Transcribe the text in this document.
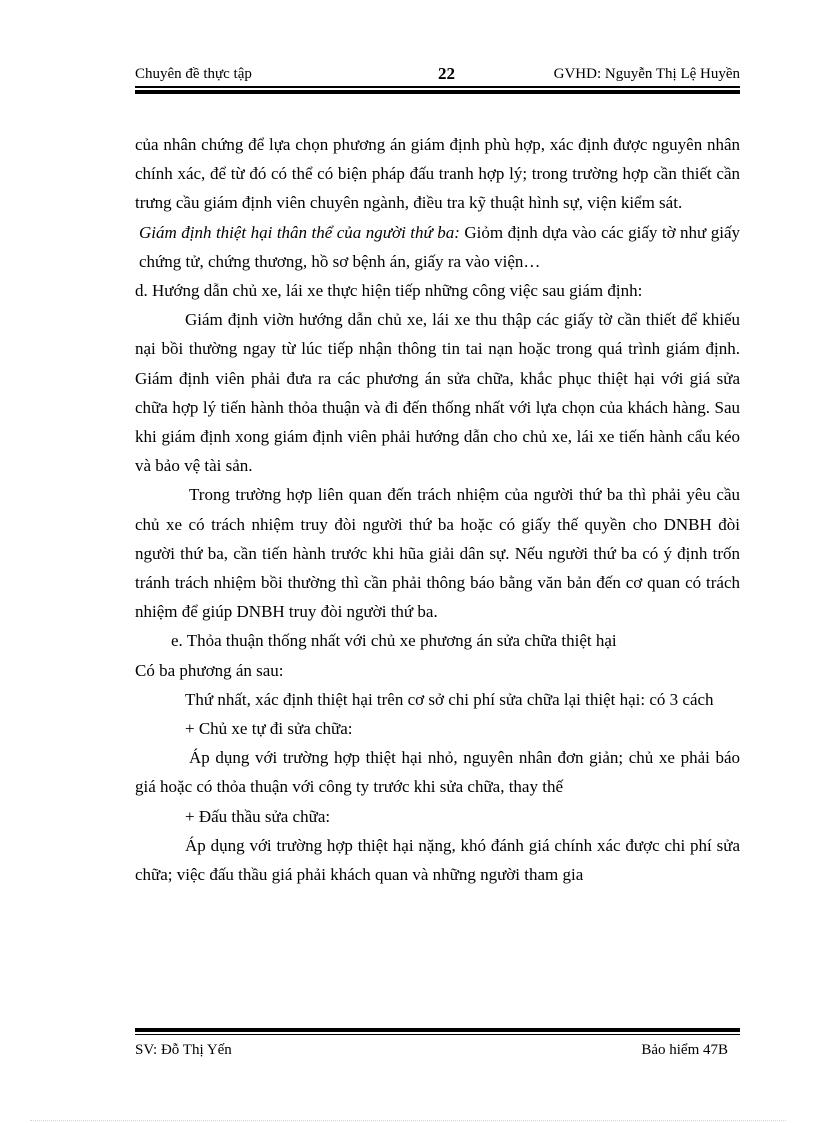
Chuyên đề thực tập	22	GVHD: Nguyễn Thị Lệ Huyền

của nhân chứng để lựa chọn phương án giám định phù hợp, xác định được nguyên nhân chính xác, để từ đó có thể có biện pháp đấu tranh hợp lý; trong trường hợp cần thiết cần trưng cầu giám định viên chuyên ngành, điều tra kỹ thuật hình sự, viện kiểm sát.

Giám định thiệt hại thân thể của người thứ ba: Giỏm định dựa vào các giấy tờ như giấy chứng tử, chứng thương, hồ sơ bệnh án, giấy ra vào viện…

d. Hướng dẫn chủ xe, lái xe thực hiện tiếp những công việc sau giám định:

Giám định viờn hướng dẫn chủ xe, lái xe thu thập các giấy tờ cần thiết để khiếu nại bồi thường ngay từ lúc tiếp nhận thông tin tai nạn hoặc trong quá trình giám định. Giám định viên phải đưa ra các phương án sửa chữa, khắc phục thiệt hại với giá sửa chữa hợp lý tiến hành thỏa thuận và đi đến thống nhất với lựa chọn của khách hàng. Sau khi giám định xong giám định viên phải hướng dẫn cho chủ xe, lái xe tiến hành cẩu kéo và bảo vệ tài sản.

Trong trường hợp liên quan đến trách nhiệm của người thứ ba thì phải yêu cầu chủ xe có trách nhiệm truy đòi người thứ ba hoặc có giấy thế quyền cho DNBH đòi người thứ ba, cần tiến hành trước khi hũa giải dân sự. Nếu người thứ ba có ý định trốn tránh trách nhiệm bồi thường thì cần phải thông báo bằng văn bản đến cơ quan có trách nhiệm để giúp DNBH truy đòi người thứ ba.

e. Thỏa thuận thống nhất với chủ xe phương án sửa chữa thiệt hại

Có ba phương án sau:

Thứ nhất, xác định thiệt hại trên cơ sở chi phí sửa chữa lại thiệt hại: có 3 cách

+ Chủ xe tự đi sửa chữa:

Áp dụng với trường hợp thiệt hại nhỏ, nguyên nhân đơn giản; chủ xe phải báo giá hoặc có thỏa thuận với công ty trước khi sửa chữa, thay thế

+ Đấu thầu sửa chữa:

Áp dụng với trường hợp thiệt hại nặng, khó đánh giá chính xác được chi phí sửa chữa; việc đấu thầu giá phải khách quan và những người tham gia

SV: Đỗ Thị Yến	Bảo hiểm 47B
